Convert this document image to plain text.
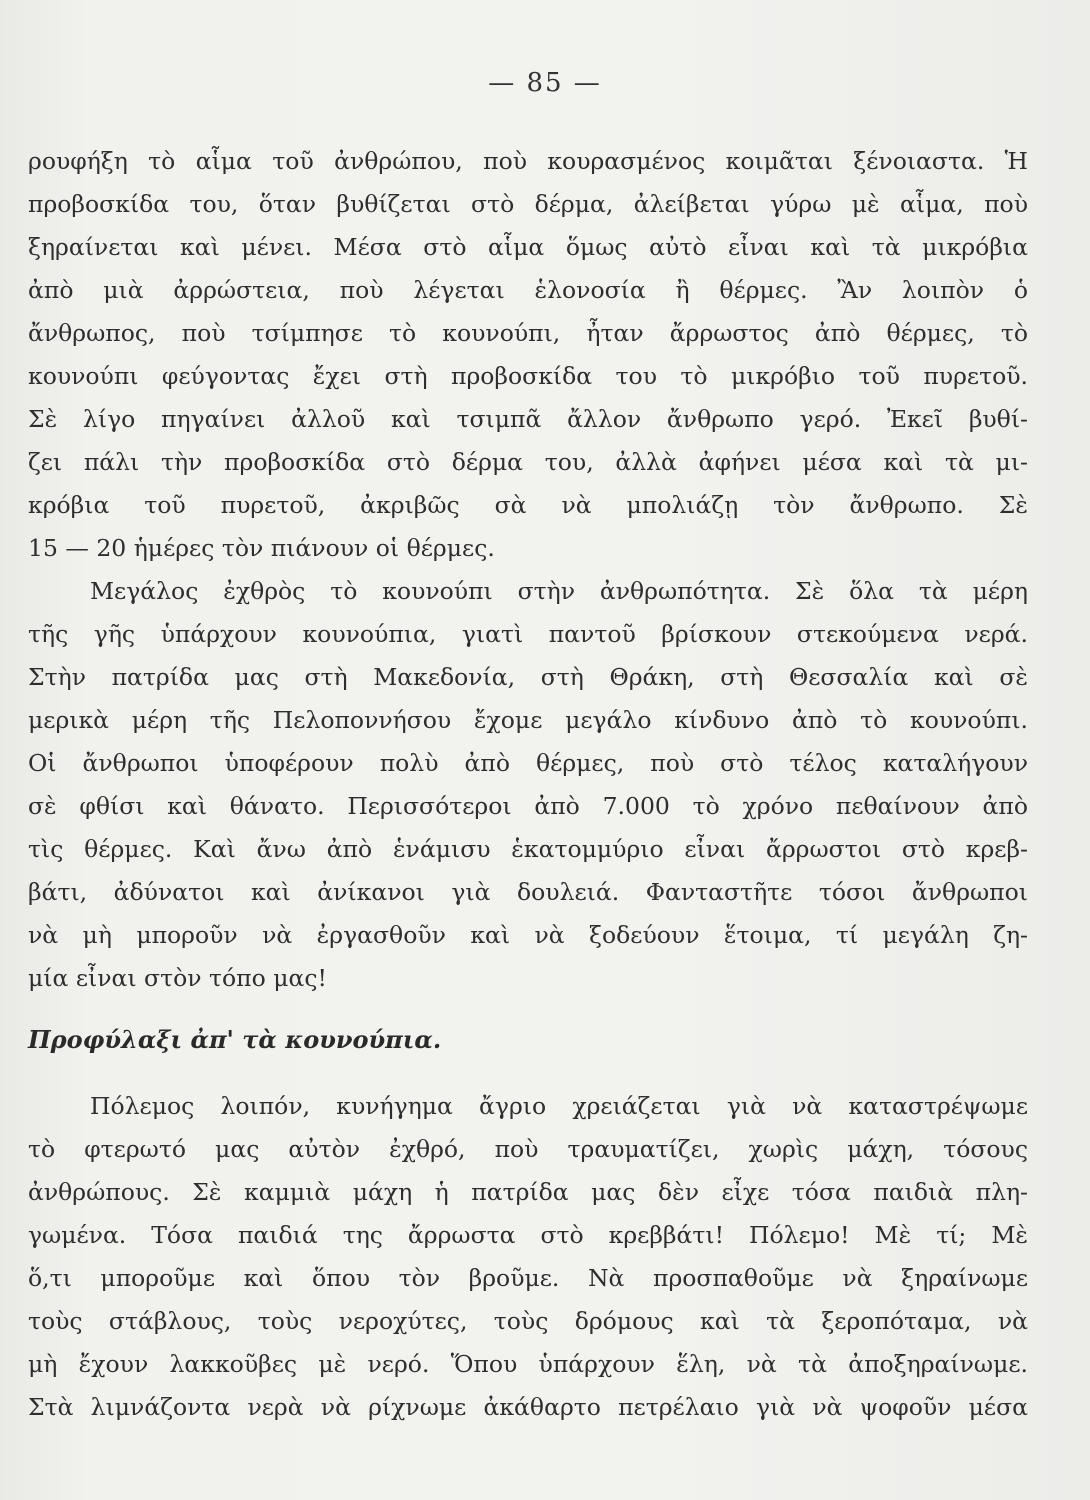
— 85 —
ρουφήξη τὸ αἷμα τοῦ ἀνθρώπου, ποὺ κουρασμένος κοιμᾶται ξένοιαστα. Ἡ
προβοσκίδα του, ὅταν βυθίζεται στὸ δέρμα, ἀλείβεται γύρω μὲ αἷμα, ποὺ
ξηραίνεται καὶ μένει. Μέσα στὸ αἷμα ὅμως αὐτὸ εἶναι καὶ τὰ μικρόβια
ἀπὸ μιὰ ἀρρώστεια, ποὺ λέγεται ἑλονοσία ἢ θέρμες. Ἂν λοιπὸν ὁ
ἄνθρωπος, ποὺ τσίμπησε τὸ κουνούπι, ἦταν ἄρρωστος ἀπὸ θέρμες, τὸ
κουνούπι φεύγοντας ἔχει στὴ προβοσκίδα του τὸ μικρόβιο τοῦ πυρετοῦ.
Σὲ λίγο πηγαίνει ἀλλοῦ καὶ τσιμπᾶ ἄλλον ἄνθρωπο γερό. Ἐκεῖ βυθί-
ζει πάλι τὴν προβοσκίδα στὸ δέρμα του, ἀλλὰ ἀφήνει μέσα καὶ τὰ μι-
κρόβια τοῦ πυρετοῦ, ἀκριβῶς σὰ νὰ μπολιάζῃ τὸν ἄνθρωπο. Σὲ
15 — 20 ἡμέρες τὸν πιάνουν οἱ θέρμες.
Μεγάλος ἐχθρὸς τὸ κουνούπι στὴν ἀνθρωπότητα. Σὲ ὅλα τὰ μέρη
τῆς γῆς ὑπάρχουν κουνούπια, γιατὶ παντοῦ βρίσκουν στεκούμενα νερά.
Στὴν πατρίδα μας στὴ Μακεδονία, στὴ Θράκη, στὴ Θεσσαλία καὶ σὲ
μερικὰ μέρη τῆς Πελοποννήσου ἔχομε μεγάλο κίνδυνο ἀπὸ τὸ κουνούπι.
Οἱ ἄνθρωποι ὑποφέρουν πολὺ ἀπὸ θέρμες, ποὺ στὸ τέλος καταλήγουν
σὲ φθίσι καὶ θάνατο. Περισσότεροι ἀπὸ 7.000 τὸ χρόνο πεθαίνουν ἀπὸ
τὶς θέρμες. Καὶ ἄνω ἀπὸ ἑνάμισυ ἑκατομμύριο εἶναι ἄρρωστοι στὸ κρεβ-
βάτι, ἀδύνατοι καὶ ἀνίκανοι γιὰ δουλειά. Φανταστῆτε τόσοι ἄνθρωποι
νὰ μὴ μποροῦν νὰ ἐργασθοῦν καὶ νὰ ξοδεύουν ἕτοιμα, τί μεγάλη ζη-
μία εἶναι στὸν τόπο μας!
Προφύλαξι ἀπ' τὰ κουνούπια.
Πόλεμος λοιπόν, κυνήγημα ἄγριο χρειάζεται γιὰ νὰ καταστρέψωμε
τὸ φτερωτό μας αὐτὸν ἐχθρό, ποὺ τραυματίζει, χωρὶς μάχη, τόσους
ἀνθρώπους. Σὲ καμμιὰ μάχη ἡ πατρίδα μας δὲν εἶχε τόσα παιδιὰ πλη-
γωμένα. Τόσα παιδιά της ἄρρωστα στὸ κρεββάτι! Πόλεμο! Μὲ τί; Μὲ
ὅ,τι μποροῦμε καὶ ὅπου τὸν βροῦμε. Νὰ προσπαθοῦμε νὰ ξηραίνωμε
τοὺς στάβλους, τοὺς νεροχύτες, τοὺς δρόμους καὶ τὰ ξεροπόταμα, νὰ
μὴ ἔχουν λακκοῦβες μὲ νερό. Ὅπου ὑπάρχουν ἕλη, νὰ τὰ ἀποξηραίνωμε.
Στὰ λιμνάζοντα νερὰ νὰ ρίχνωμε ἀκάθαρτο πετρέλαιο γιὰ νὰ ψοφοῦν μέσα
